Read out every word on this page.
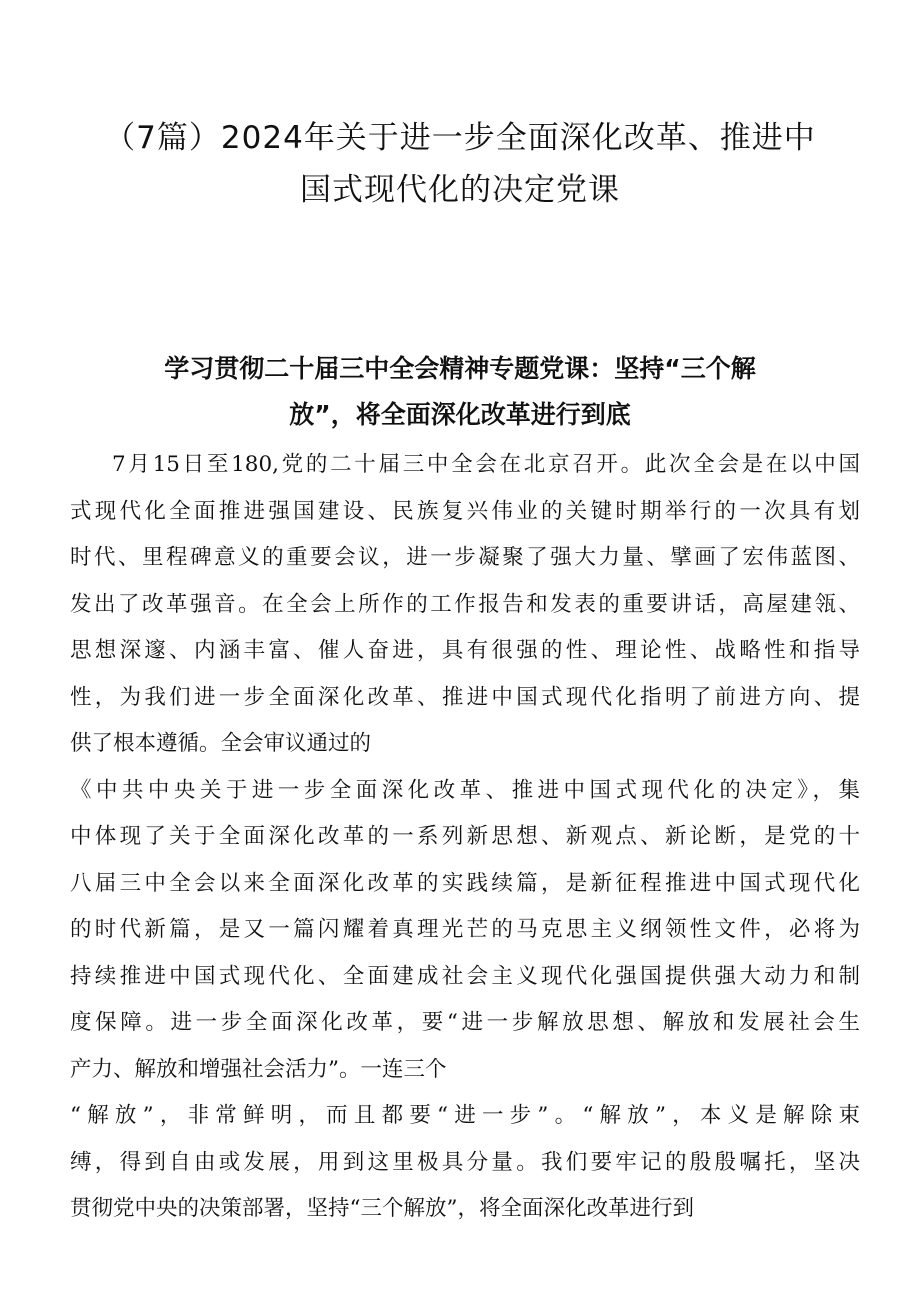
（7篇）2024年关于进一步全面深化改革、推进中
国式现代化的决定党课
学习贯彻二十届三中全会精神专题党课：坚持“三个解
放”，将全面深化改革进行到底
7月15日至180,党的二十届三中全会在北京召开。此次全会是在以中国
式现代化全面推进强国建设、民族复兴伟业的关键时期举行的一次具有划
时代、里程碑意义的重要会议，进一步凝聚了强大力量、擘画了宏伟蓝图、
发出了改革强音。在全会上所作的工作报告和发表的重要讲话，高屋建瓴、
思想深邃、内涵丰富、催人奋进，具有很强的性、理论性、战略性和指导
性，为我们进一步全面深化改革、推进中国式现代化指明了前进方向、提
供了根本遵循。全会审议通过的
《中共中央关于进一步全面深化改革、推进中国式现代化的决定》，集
中体现了关于全面深化改革的一系列新思想、新观点、新论断，是党的十
八届三中全会以来全面深化改革的实践续篇，是新征程推进中国式现代化
的时代新篇，是又一篇闪耀着真理光芒的马克思主义纲领性文件，必将为
持续推进中国式现代化、全面建成社会主义现代化强国提供强大动力和制
度保障。进一步全面深化改革，要“进一步解放思想、解放和发展社会生
产力、解放和增强社会活力”。一连三个
“解放”，非常鲜明，而且都要“进一步”。“解放”，本义是解除束
缚，得到自由或发展，用到这里极具分量。我们要牢记的殷殷嘱托，坚决
贯彻党中央的决策部署，坚持“三个解放”，将全面深化改革进行到
